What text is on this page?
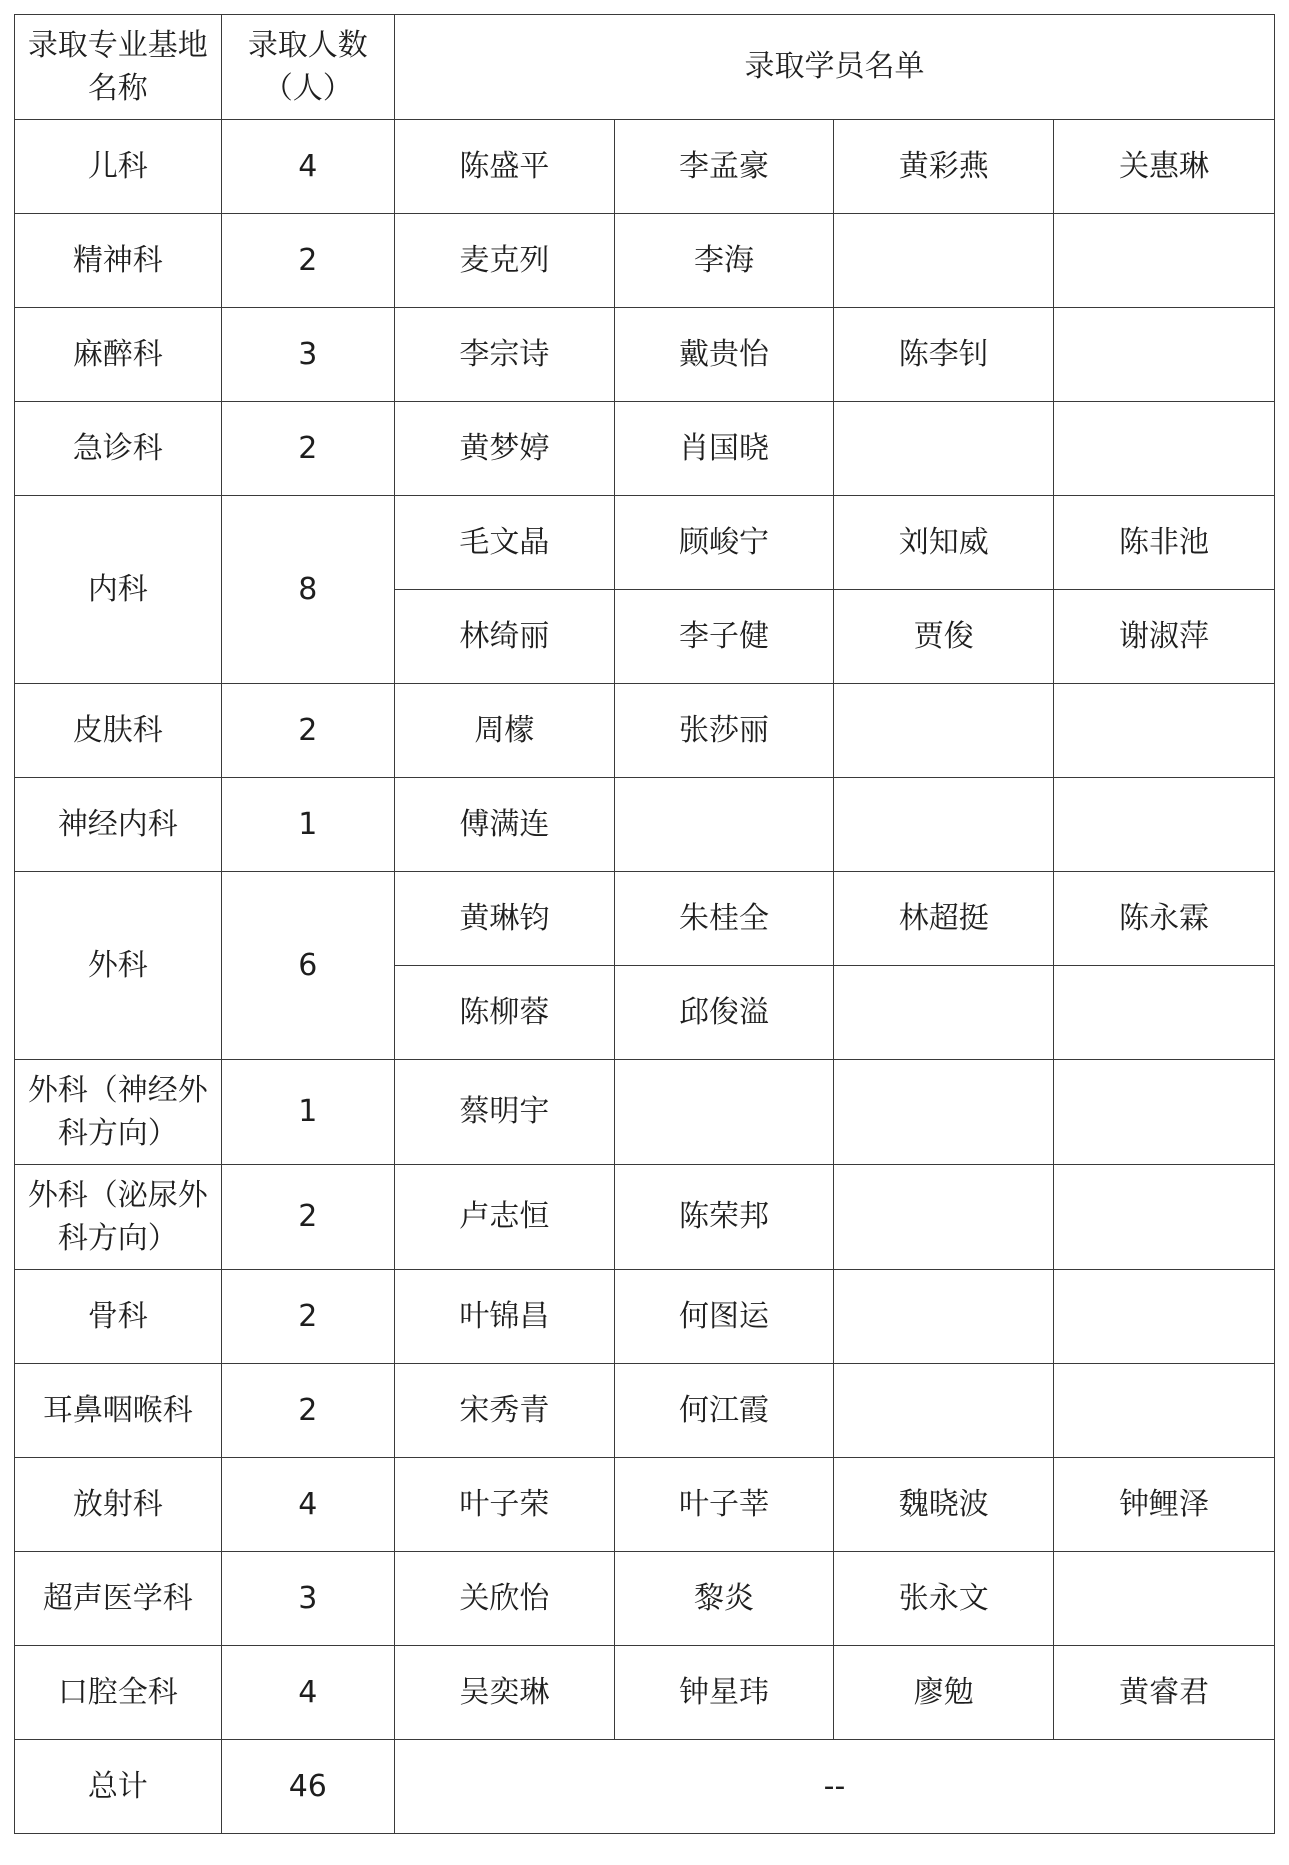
录取专业基地名称	录取人数（人）	录取学员名单			
儿科	4	陈盛平	李孟豪	黄彩燕	关惠琳
精神科	2	麦克列	李海		
麻醉科	3	李宗诗	戴贵怡	陈李钊	
急诊科	2	黄梦婷	肖国晓		
内科	8	毛文晶	顾峻宁	刘知威	陈非池
		林绮丽	李子健	贾俊	谢淑萍
皮肤科	2	周檬	张莎丽		
神经内科	1	傅满连			
外科	6	黄琳钧	朱桂全	林超挺	陈永霖
		陈柳蓉	邱俊溢		
外科（神经外科方向）	1	蔡明宇			
外科（泌尿外科方向）	2	卢志恒	陈荣邦		
骨科	2	叶锦昌	何图运		
耳鼻咽喉科	2	宋秀青	何江霞		
放射科	4	叶子荣	叶子莘	魏晓波	钟鲤泽
超声医学科	3	关欣怡	黎炎	张永文	
口腔全科	4	吴奕琳	钟星玮	廖勉	黄睿君
总计	46	--			
